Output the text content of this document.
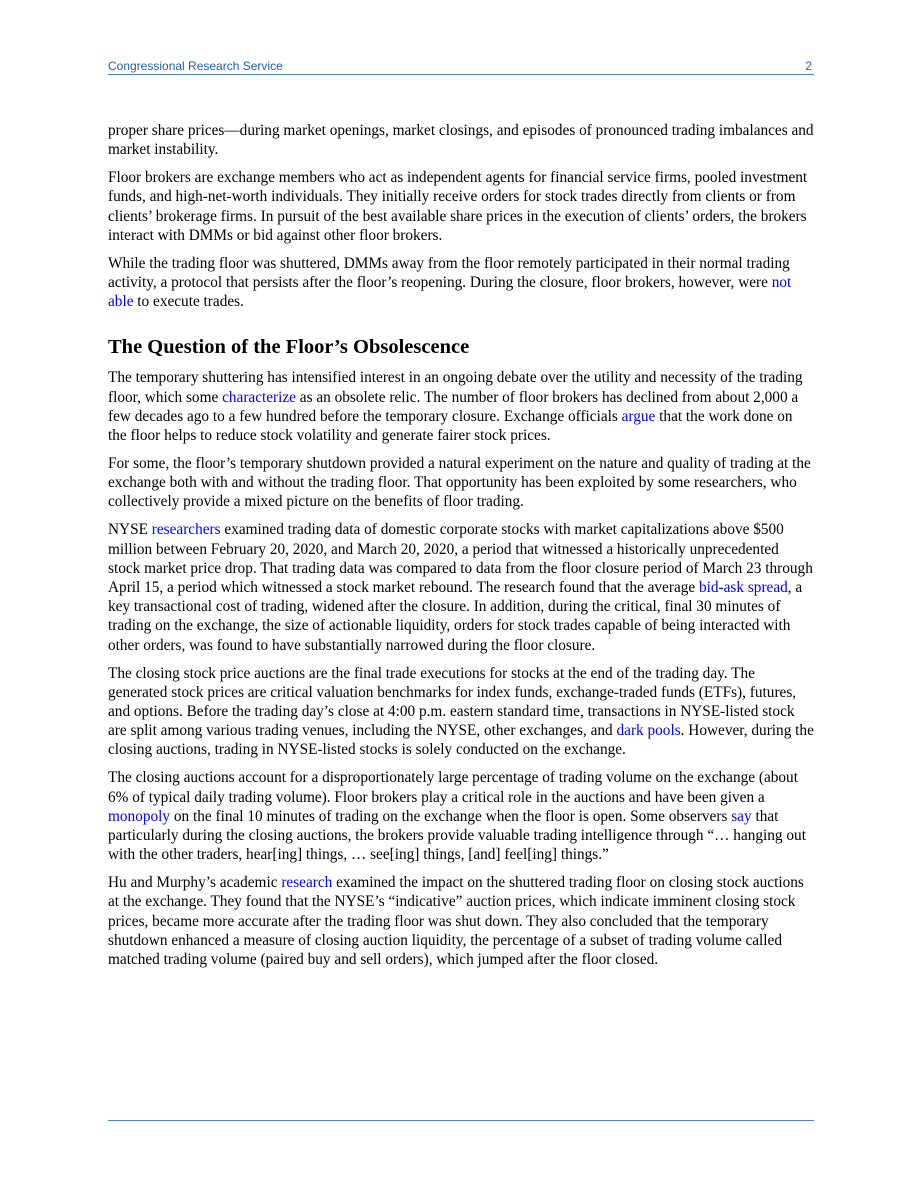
Congressional Research Service	2

proper share prices—during market openings, market closings, and episodes of pronounced trading imbalances and market instability.

Floor brokers are exchange members who act as independent agents for financial service firms, pooled investment funds, and high-net-worth individuals. They initially receive orders for stock trades directly from clients or from clients’ brokerage firms. In pursuit of the best available share prices in the execution of clients’ orders, the brokers interact with DMMs or bid against other floor brokers.

While the trading floor was shuttered, DMMs away from the floor remotely participated in their normal trading activity, a protocol that persists after the floor’s reopening. During the closure, floor brokers, however, were not able to execute trades.

The Question of the Floor’s Obsolescence

The temporary shuttering has intensified interest in an ongoing debate over the utility and necessity of the trading floor, which some characterize as an obsolete relic. The number of floor brokers has declined from about 2,000 a few decades ago to a few hundred before the temporary closure. Exchange officials argue that the work done on the floor helps to reduce stock volatility and generate fairer stock prices.

For some, the floor’s temporary shutdown provided a natural experiment on the nature and quality of trading at the exchange both with and without the trading floor. That opportunity has been exploited by some researchers, who collectively provide a mixed picture on the benefits of floor trading.

NYSE researchers examined trading data of domestic corporate stocks with market capitalizations above $500 million between February 20, 2020, and March 20, 2020, a period that witnessed a historically unprecedented stock market price drop. That trading data was compared to data from the floor closure period of March 23 through April 15, a period which witnessed a stock market rebound. The research found that the average bid-ask spread, a key transactional cost of trading, widened after the closure. In addition, during the critical, final 30 minutes of trading on the exchange, the size of actionable liquidity, orders for stock trades capable of being interacted with other orders, was found to have substantially narrowed during the floor closure.

The closing stock price auctions are the final trade executions for stocks at the end of the trading day. The generated stock prices are critical valuation benchmarks for index funds, exchange-traded funds (ETFs), futures, and options. Before the trading day’s close at 4:00 p.m. eastern standard time, transactions in NYSE-listed stock are split among various trading venues, including the NYSE, other exchanges, and dark pools. However, during the closing auctions, trading in NYSE-listed stocks is solely conducted on the exchange.

The closing auctions account for a disproportionately large percentage of trading volume on the exchange (about 6% of typical daily trading volume). Floor brokers play a critical role in the auctions and have been given a monopoly on the final 10 minutes of trading on the exchange when the floor is open. Some observers say that particularly during the closing auctions, the brokers provide valuable trading intelligence through “… hanging out with the other traders, hear[ing] things, … see[ing] things, [and] feel[ing] things.”

Hu and Murphy’s academic research examined the impact on the shuttered trading floor on closing stock auctions at the exchange. They found that the NYSE’s “indicative” auction prices, which indicate imminent closing stock prices, became more accurate after the trading floor was shut down. They also concluded that the temporary shutdown enhanced a measure of closing auction liquidity, the percentage of a subset of trading volume called matched trading volume (paired buy and sell orders), which jumped after the floor closed.
